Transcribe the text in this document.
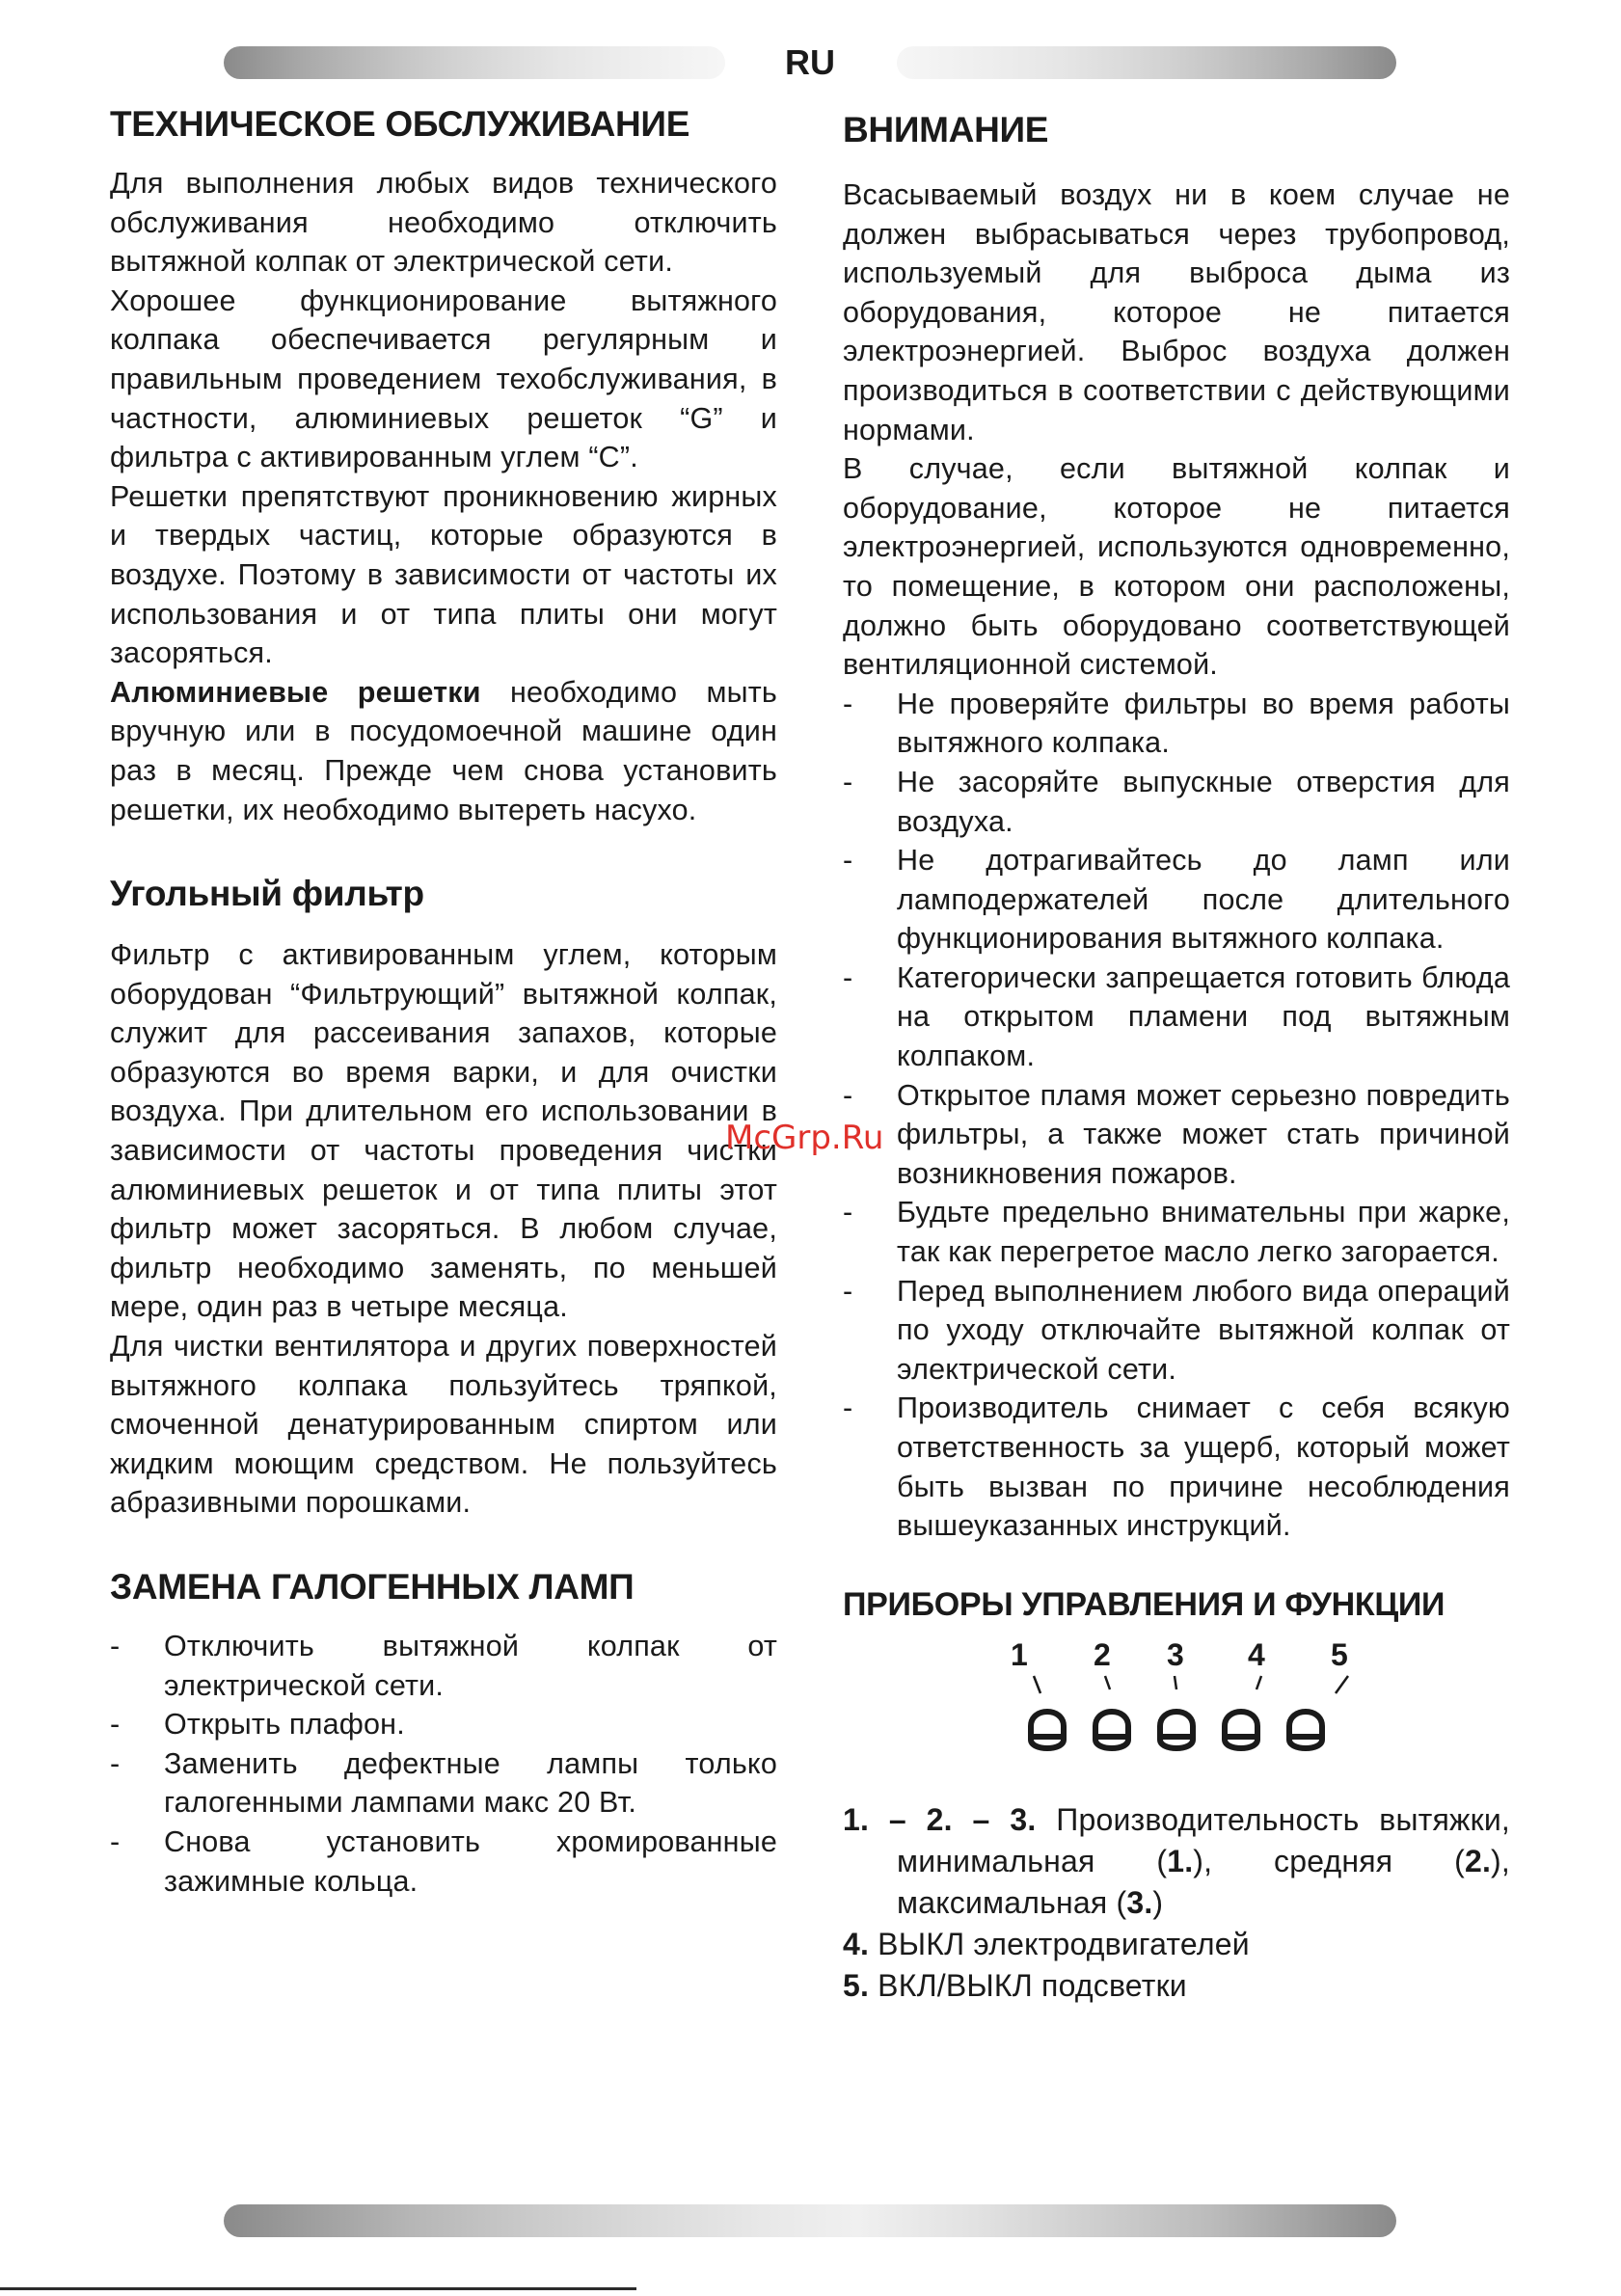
RU
ТЕХНИЧЕСКОЕ ОБСЛУЖИВАНИЕ

Для выполнения любых видов технического обслуживания необходимо отключить вытяжной колпак от электрической сети.

Хорошее функционирование вытяжного колпака обеспечивается регулярным и правильным проведением техобслуживания, в частности, алюминиевых решеток “G” и фильтра с активированным углем “C”.

Решетки препятствуют проникновению жирных и твердых частиц, которые образуются в воздухе. Поэтому в зависимости от частоты их использования и от типа плиты они могут засоряться.

Алюминиевые решетки необходимо мыть вручную или в посудомоечной машине один раз в месяц. Прежде чем снова установить решетки, их необходимо вытереть насухо.

Угольный фильтр

Фильтр с активированным углем, которым оборудован “Фильтрующий” вытяжной колпак, служит для рассеивания запахов, которые образуются во время варки, и для очистки воздуха. При длительном его использовании в зависимости от частоты проведения чистки алюминиевых решеток и от типа плиты этот фильтр может засоряться. В любом случае, фильтр необходимо заменять, по меньшей мере, один раз в четыре месяца.

Для чистки вентилятора и других поверхностей вытяжного колпака пользуйтесь тряпкой, смоченной денатурированным спиртом или жидким моющим средством. Не пользуйтесь абразивными порошками.

ЗАМЕНА ГАЛОГЕННЫХ ЛАМП
- Отключить вытяжной колпак от электрической сети.
- Открыть плафон.
- Заменить дефектные лампы только галогенными лампами макс 20 Вт.
- Снова установить хромированные зажимные кольца.
ВНИМАНИЕ

Всасываемый воздух ни в коем случае не должен выбрасываться через трубопровод, используемый для выброса дыма из оборудования, которое не питается электроэнергией. Выброс воздуха должен производиться в соответствии с действующими нормами.

В случае, если вытяжной колпак и оборудование, которое не питается электроэнергией, используются одновременно, то помещение, в котором они расположены, должно быть оборудовано соответствующей вентиляционной системой.

- Не проверяйте фильтры во время работы вытяжного колпака.
- Не засоряйте выпускные отверстия для воздуха.
- Не дотрагивайтесь до ламп или ламподержателей после длительного функционирования вытяжного колпака.
- Категорически запрещается готовить блюда на открытом пламени под вытяжным колпаком.
- Открытое пламя может серьезно повредить фильтры, а также может стать причиной возникновения пожаров.
- Будьте предельно внимательны при жарке, так как перегретое масло легко загорается.
- Перед выполнением любого вида операций по уходу отключайте вытяжной колпак от электрической сети.
- Производитель снимает с себя всякую ответственность за ущерб, который может быть вызван по причине несоблюдения вышеуказанных инструкций.
ПРИБОРЫ УПРАВЛЕНИЯ И ФУНКЦИИ
1 2 3 4 5

1. – 2. – 3. Производительность вытяжки, минимальная (1.), средняя (2.), максимальная (3.)

4. ВЫКЛ электродвигателей

5. ВКЛ/ВЫКЛ подсветки

McGrp.Ru
